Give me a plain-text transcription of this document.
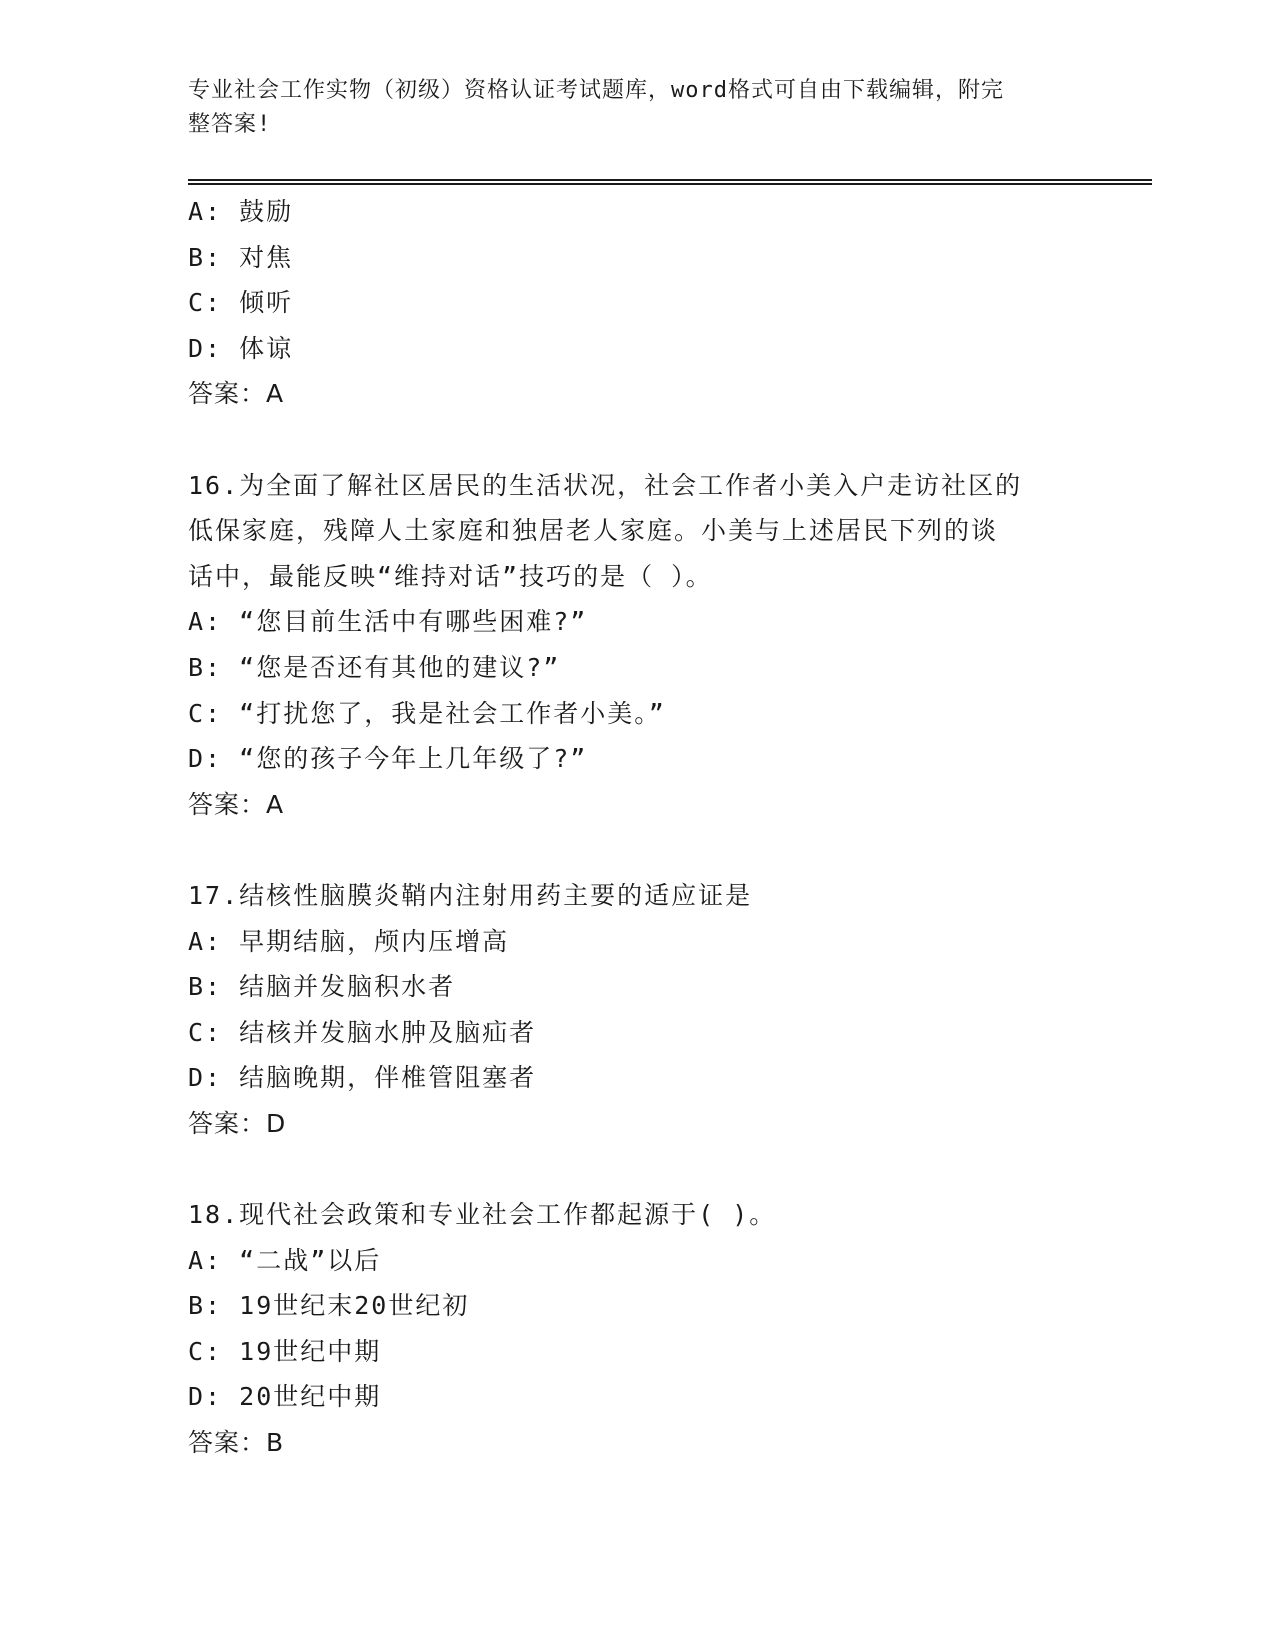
专业社会工作实物（初级）资格认证考试题库，word格式可自由下载编辑，附完
整答案!
A: 鼓励
B: 对焦
C: 倾听
D: 体谅
答案：A
16.为全面了解社区居民的生活状况，社会工作者小美入户走访社区的
低保家庭，残障人土家庭和独居老人家庭。小美与上述居民下列的谈
话中，最能反映“维持对话”技巧的是（ ）。
A: “您目前生活中有哪些困难?”
B: “您是否还有其他的建议?”
C: “打扰您了，我是社会工作者小美。”
D: “您的孩子今年上几年级了?”
答案：A
17.结核性脑膜炎鞘内注射用药主要的适应证是
A: 早期结脑，颅内压增高
B: 结脑并发脑积水者
C: 结核并发脑水肿及脑疝者
D: 结脑晚期，伴椎管阻塞者
答案：D
18.现代社会政策和专业社会工作都起源于( )。
A: “二战”以后
B: 19世纪末20世纪初
C: 19世纪中期
D: 20世纪中期
答案：B
